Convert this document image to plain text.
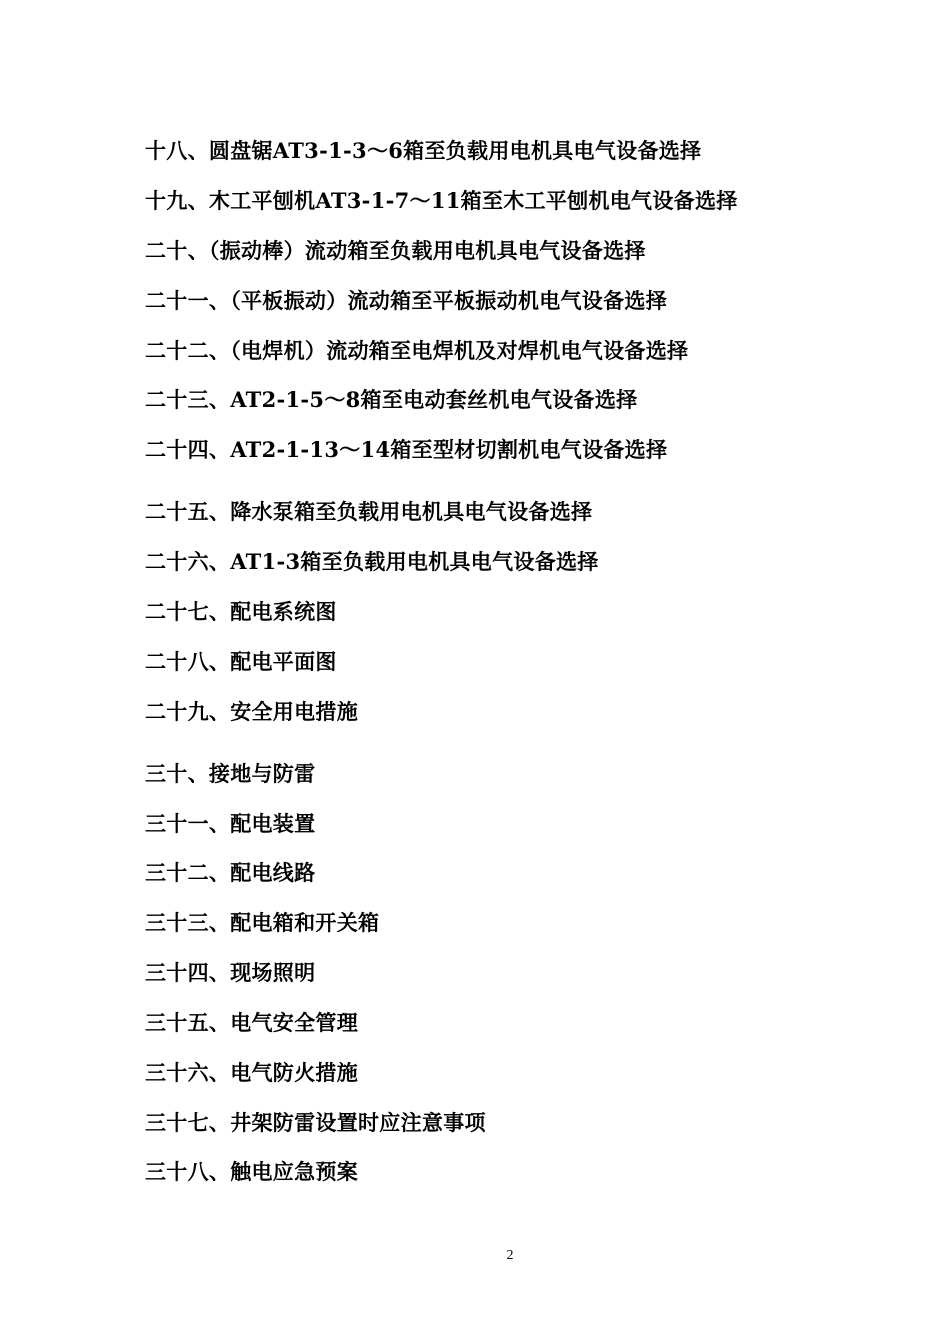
十八、圆盘锯AT3-1-3～6箱至负载用电机具电气设备选择
十九、木工平刨机AT3-1-7～11箱至木工平刨机电气设备选择
二十、（振动棒）流动箱至负载用电机具电气设备选择
二十一、（平板振动）流动箱至平板振动机电气设备选择
二十二、（电焊机）流动箱至电焊机及对焊机电气设备选择
二十三、AT2-1-5～8箱至电动套丝机电气设备选择
二十四、AT2-1-13～14箱至型材切割机电气设备选择
二十五、降水泵箱至负载用电机具电气设备选择
二十六、AT1-3箱至负载用电机具电气设备选择
二十七、配电系统图
二十八、配电平面图
二十九、安全用电措施
三十、接地与防雷
三十一、配电装置
三十二、配电线路
三十三、配电箱和开关箱
三十四、现场照明
三十五、电气安全管理
三十六、电气防火措施
三十七、井架防雷设置时应注意事项
三十八、触电应急预案
2
